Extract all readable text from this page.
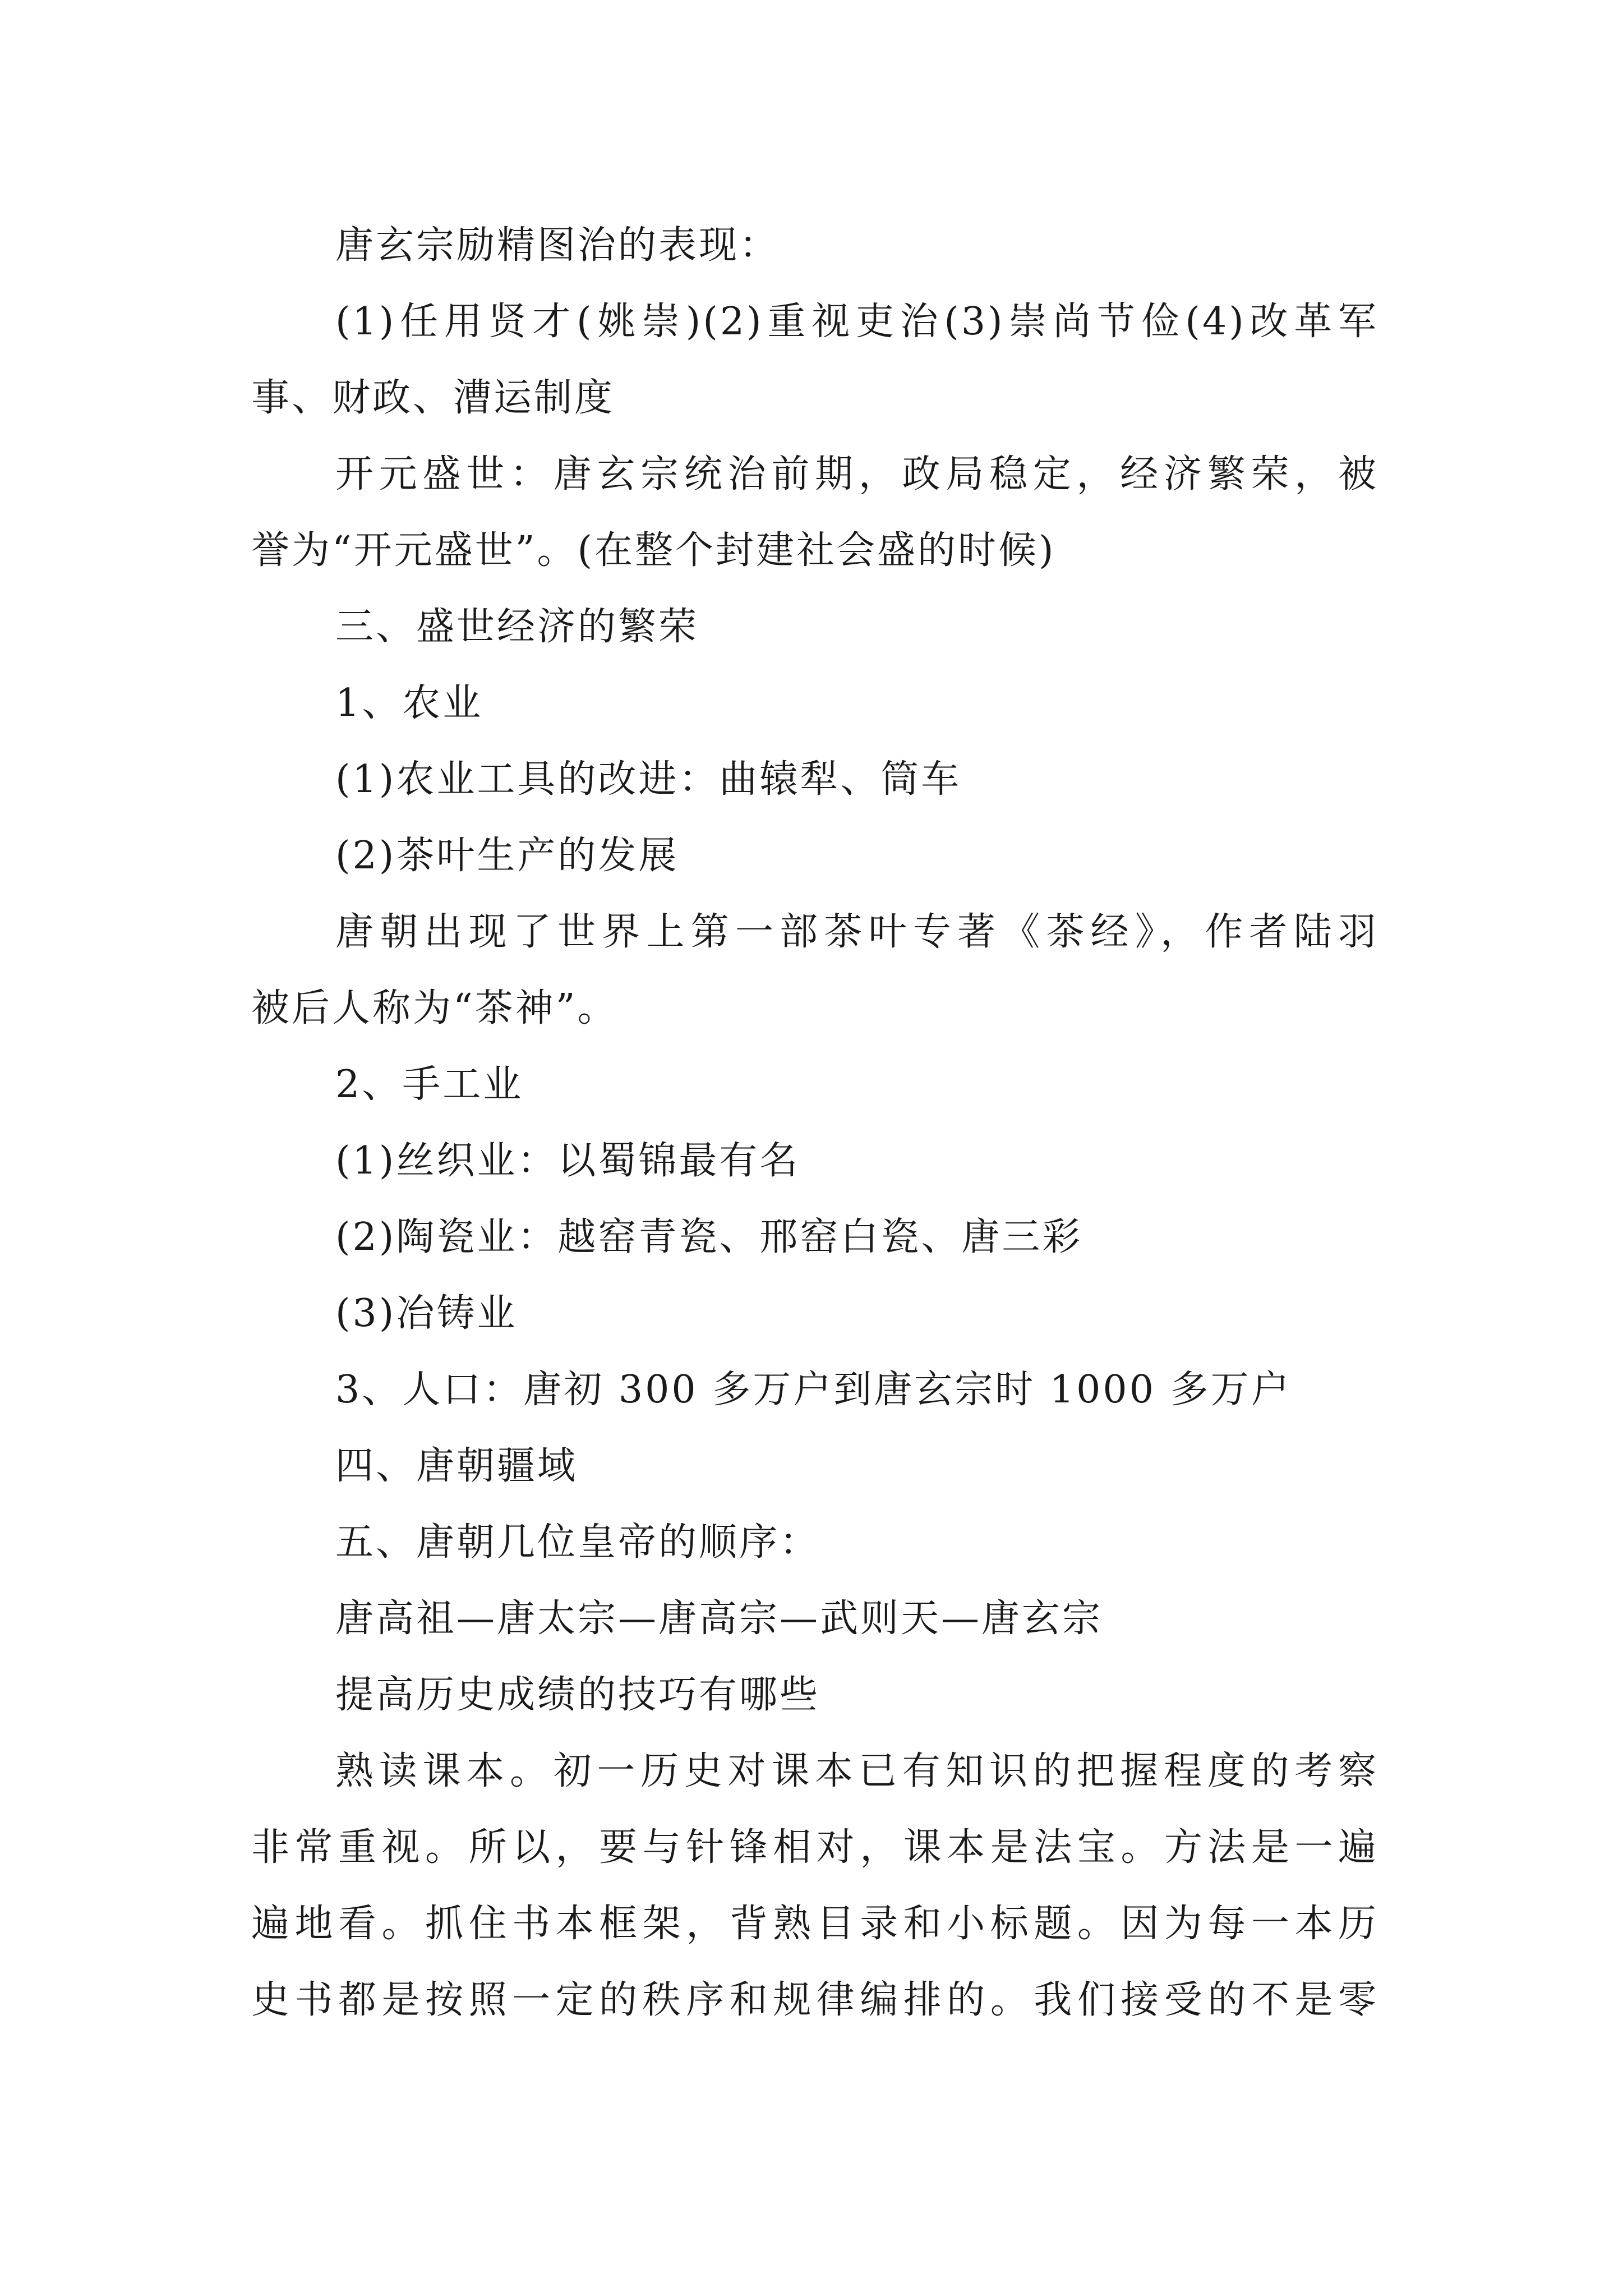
唐玄宗励精图治的表现：
(1)任用贤才(姚崇)(2)重视吏治(3)崇尚节俭(4)改革军
事、财政、漕运制度
开元盛世：唐玄宗统治前期，政局稳定，经济繁荣，被
誉为“开元盛世”。(在整个封建社会盛的时候)
三、盛世经济的繁荣
1、农业
(1)农业工具的改进：曲辕犁、筒车
(2)茶叶生产的发展
唐朝出现了世界上第一部茶叶专著《茶经》，作者陆羽
被后人称为“茶神”。
2、手工业
(1)丝织业：以蜀锦最有名
(2)陶瓷业：越窑青瓷、邢窑白瓷、唐三彩
(3)冶铸业
3、人口：唐初 300 多万户到唐玄宗时 1000 多万户
四、唐朝疆域
五、唐朝几位皇帝的顺序：
唐高祖—唐太宗—唐高宗—武则天—唐玄宗
提高历史成绩的技巧有哪些
熟读课本。初一历史对课本已有知识的把握程度的考察
非常重视。所以，要与针锋相对，课本是法宝。方法是一遍
遍地看。抓住书本框架，背熟目录和小标题。因为每一本历
史书都是按照一定的秩序和规律编排的。我们接受的不是零
